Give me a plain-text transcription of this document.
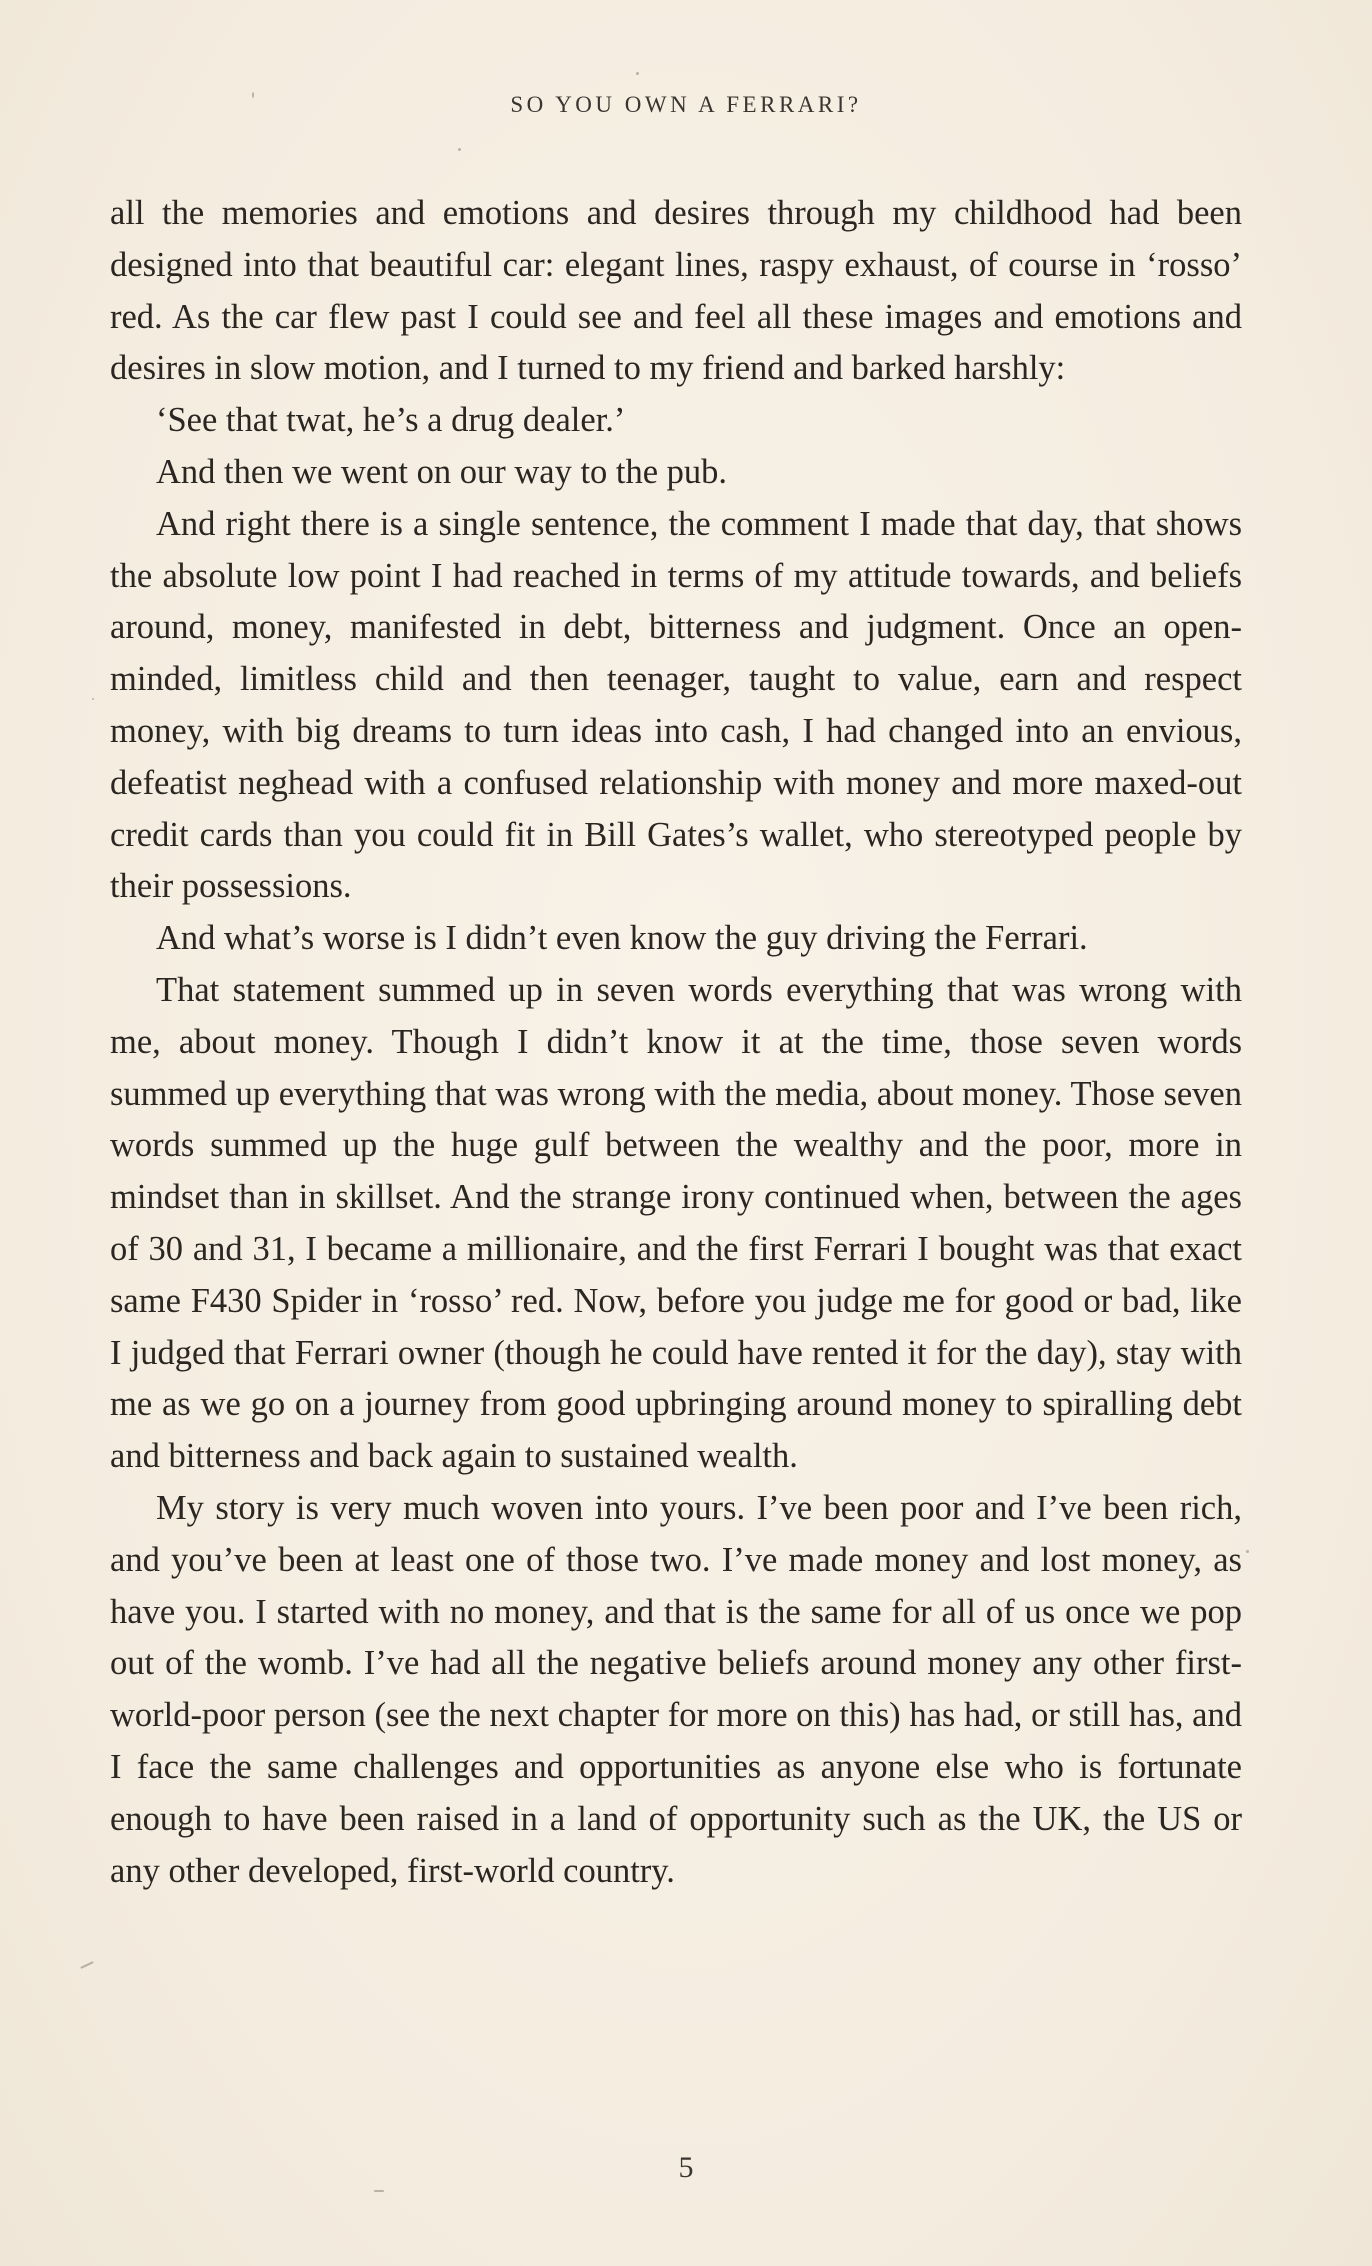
SO YOU OWN A FERRARI?

all the memories and emotions and desires through my childhood had been designed into that beautiful car: elegant lines, raspy exhaust, of course in ‘rosso’ red. As the car flew past I could see and feel all these images and emotions and desires in slow motion, and I turned to my friend and barked harshly:

‘See that twat, he’s a drug dealer.’

And then we went on our way to the pub.

And right there is a single sentence, the comment I made that day, that shows the absolute low point I had reached in terms of my attitude towards, and beliefs around, money, manifested in debt, bitterness and judgment. Once an open-minded, limitless child and then teenager, taught to value, earn and respect money, with big dreams to turn ideas into cash, I had changed into an envious, defeatist neghead with a confused relationship with money and more maxed-out credit cards than you could fit in Bill Gates’s wallet, who stereotyped people by their possessions.

And what’s worse is I didn’t even know the guy driving the Ferrari.

That statement summed up in seven words everything that was wrong with me, about money. Though I didn’t know it at the time, those seven words summed up everything that was wrong with the media, about money. Those seven words summed up the huge gulf between the wealthy and the poor, more in mindset than in skillset. And the strange irony continued when, between the ages of 30 and 31, I became a millionaire, and the first Ferrari I bought was that exact same F430 Spider in ‘rosso’ red. Now, before you judge me for good or bad, like I judged that Ferrari owner (though he could have rented it for the day), stay with me as we go on a journey from good upbringing around money to spiralling debt and bitterness and back again to sustained wealth.

My story is very much woven into yours. I’ve been poor and I’ve been rich, and you’ve been at least one of those two. I’ve made money and lost money, as have you. I started with no money, and that is the same for all of us once we pop out of the womb. I’ve had all the negative beliefs around money any other first-world-poor person (see the next chapter for more on this) has had, or still has, and I face the same challenges and opportunities as anyone else who is fortunate enough to have been raised in a land of opportunity such as the UK, the US or any other developed, first-world country.

5
